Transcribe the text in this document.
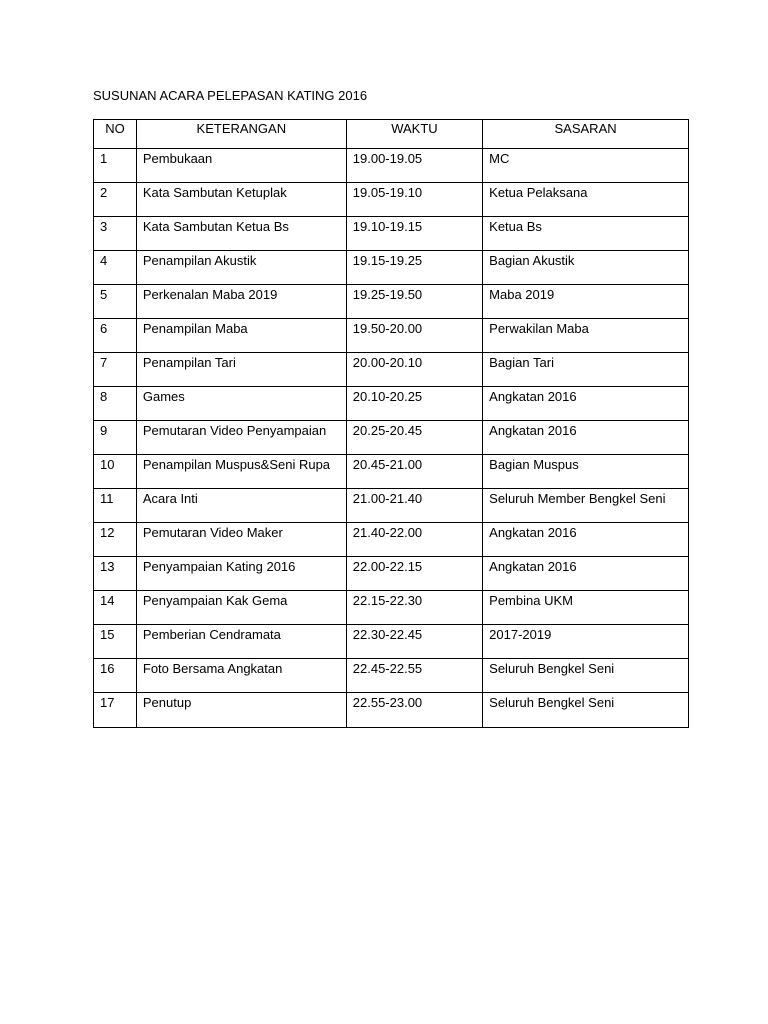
SUSUNAN ACARA PELEPASAN KATING 2016
NO	KETERANGAN	WAKTU	SASARAN
1	Pembukaan	19.00-19.05	MC
2	Kata Sambutan Ketuplak	19.05-19.10	Ketua Pelaksana
3	Kata Sambutan Ketua Bs	19.10-19.15	Ketua Bs
4	Penampilan Akustik	19.15-19.25	Bagian Akustik
5	Perkenalan Maba 2019	19.25-19.50	Maba 2019
6	Penampilan Maba	19.50-20.00	Perwakilan Maba
7	Penampilan Tari	20.00-20.10	Bagian Tari
8	Games	20.10-20.25	Angkatan 2016
9	Pemutaran Video Penyampaian	20.25-20.45	Angkatan 2016
10	Penampilan Muspus&Seni Rupa	20.45-21.00	Bagian Muspus
11	Acara Inti	21.00-21.40	Seluruh Member Bengkel Seni
12	Pemutaran Video Maker	21.40-22.00	Angkatan 2016
13	Penyampaian Kating 2016	22.00-22.15	Angkatan 2016
14	Penyampaian Kak Gema	22.15-22.30	Pembina UKM
15	Pemberian Cendramata	22.30-22.45	2017-2019
16	Foto Bersama Angkatan	22.45-22.55	Seluruh Bengkel Seni
17	Penutup	22.55-23.00	Seluruh Bengkel Seni
